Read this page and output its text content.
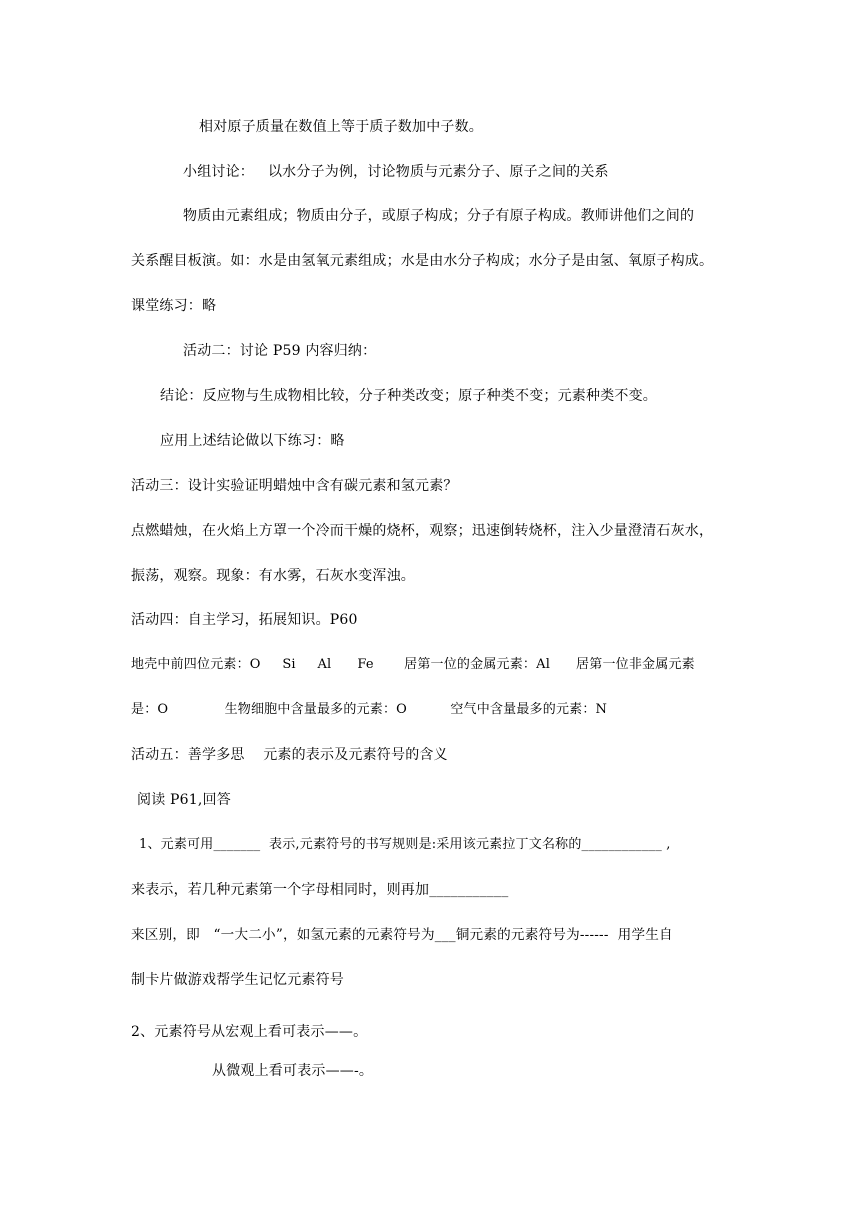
相对原子质量在数值上等于质子数加中子数。
小组讨论：   以水分子为例，讨论物质与元素分子、原子之间的关系
物质由元素组成；物质由分子，或原子构成；分子有原子构成。教师讲他们之间的
关系醒目板演。如：水是由氢氧元素组成；水是由水分子构成；水分子是由氢、氧原子构成。
课堂练习：略
活动二：讨论 P59 内容归纳：
结论：反应物与生成物相比较，分子种类改变；原子种类不变；元素种类不变。
应用上述结论做以下练习：略
活动三：设计实验证明蜡烛中含有碳元素和氢元素？
点燃蜡烛，在火焰上方罩一个冷而干燥的烧杯，观察；迅速倒转烧杯，注入少量澄清石灰水，
振荡，观察。现象：有水雾，石灰水变浑浊。
活动四：自主学习，拓展知识。P60
地壳中前四位元素：O     Si     Al      Fe       居第一位的金属元素：Al      居第一位非金属元素
是：O             生物细胞中含量最多的元素：O          空气中含量最多的元素：N
活动五：善学多思    元素的表示及元素符号的含义
阅读 P61,回答
1、元素可用_______  表示,元素符号的书写规则是:采用该元素拉丁文名称的____________ ,
来表示，若几种元素第一个字母相同时，则再加___________
来区别，即   “一大二小”，如氢元素的元素符号为___铜元素的元素符号为------  用学生自
制卡片做游戏帮学生记忆元素符号
2、元素符号从宏观上看可表示——。
从微观上看可表示——-。
